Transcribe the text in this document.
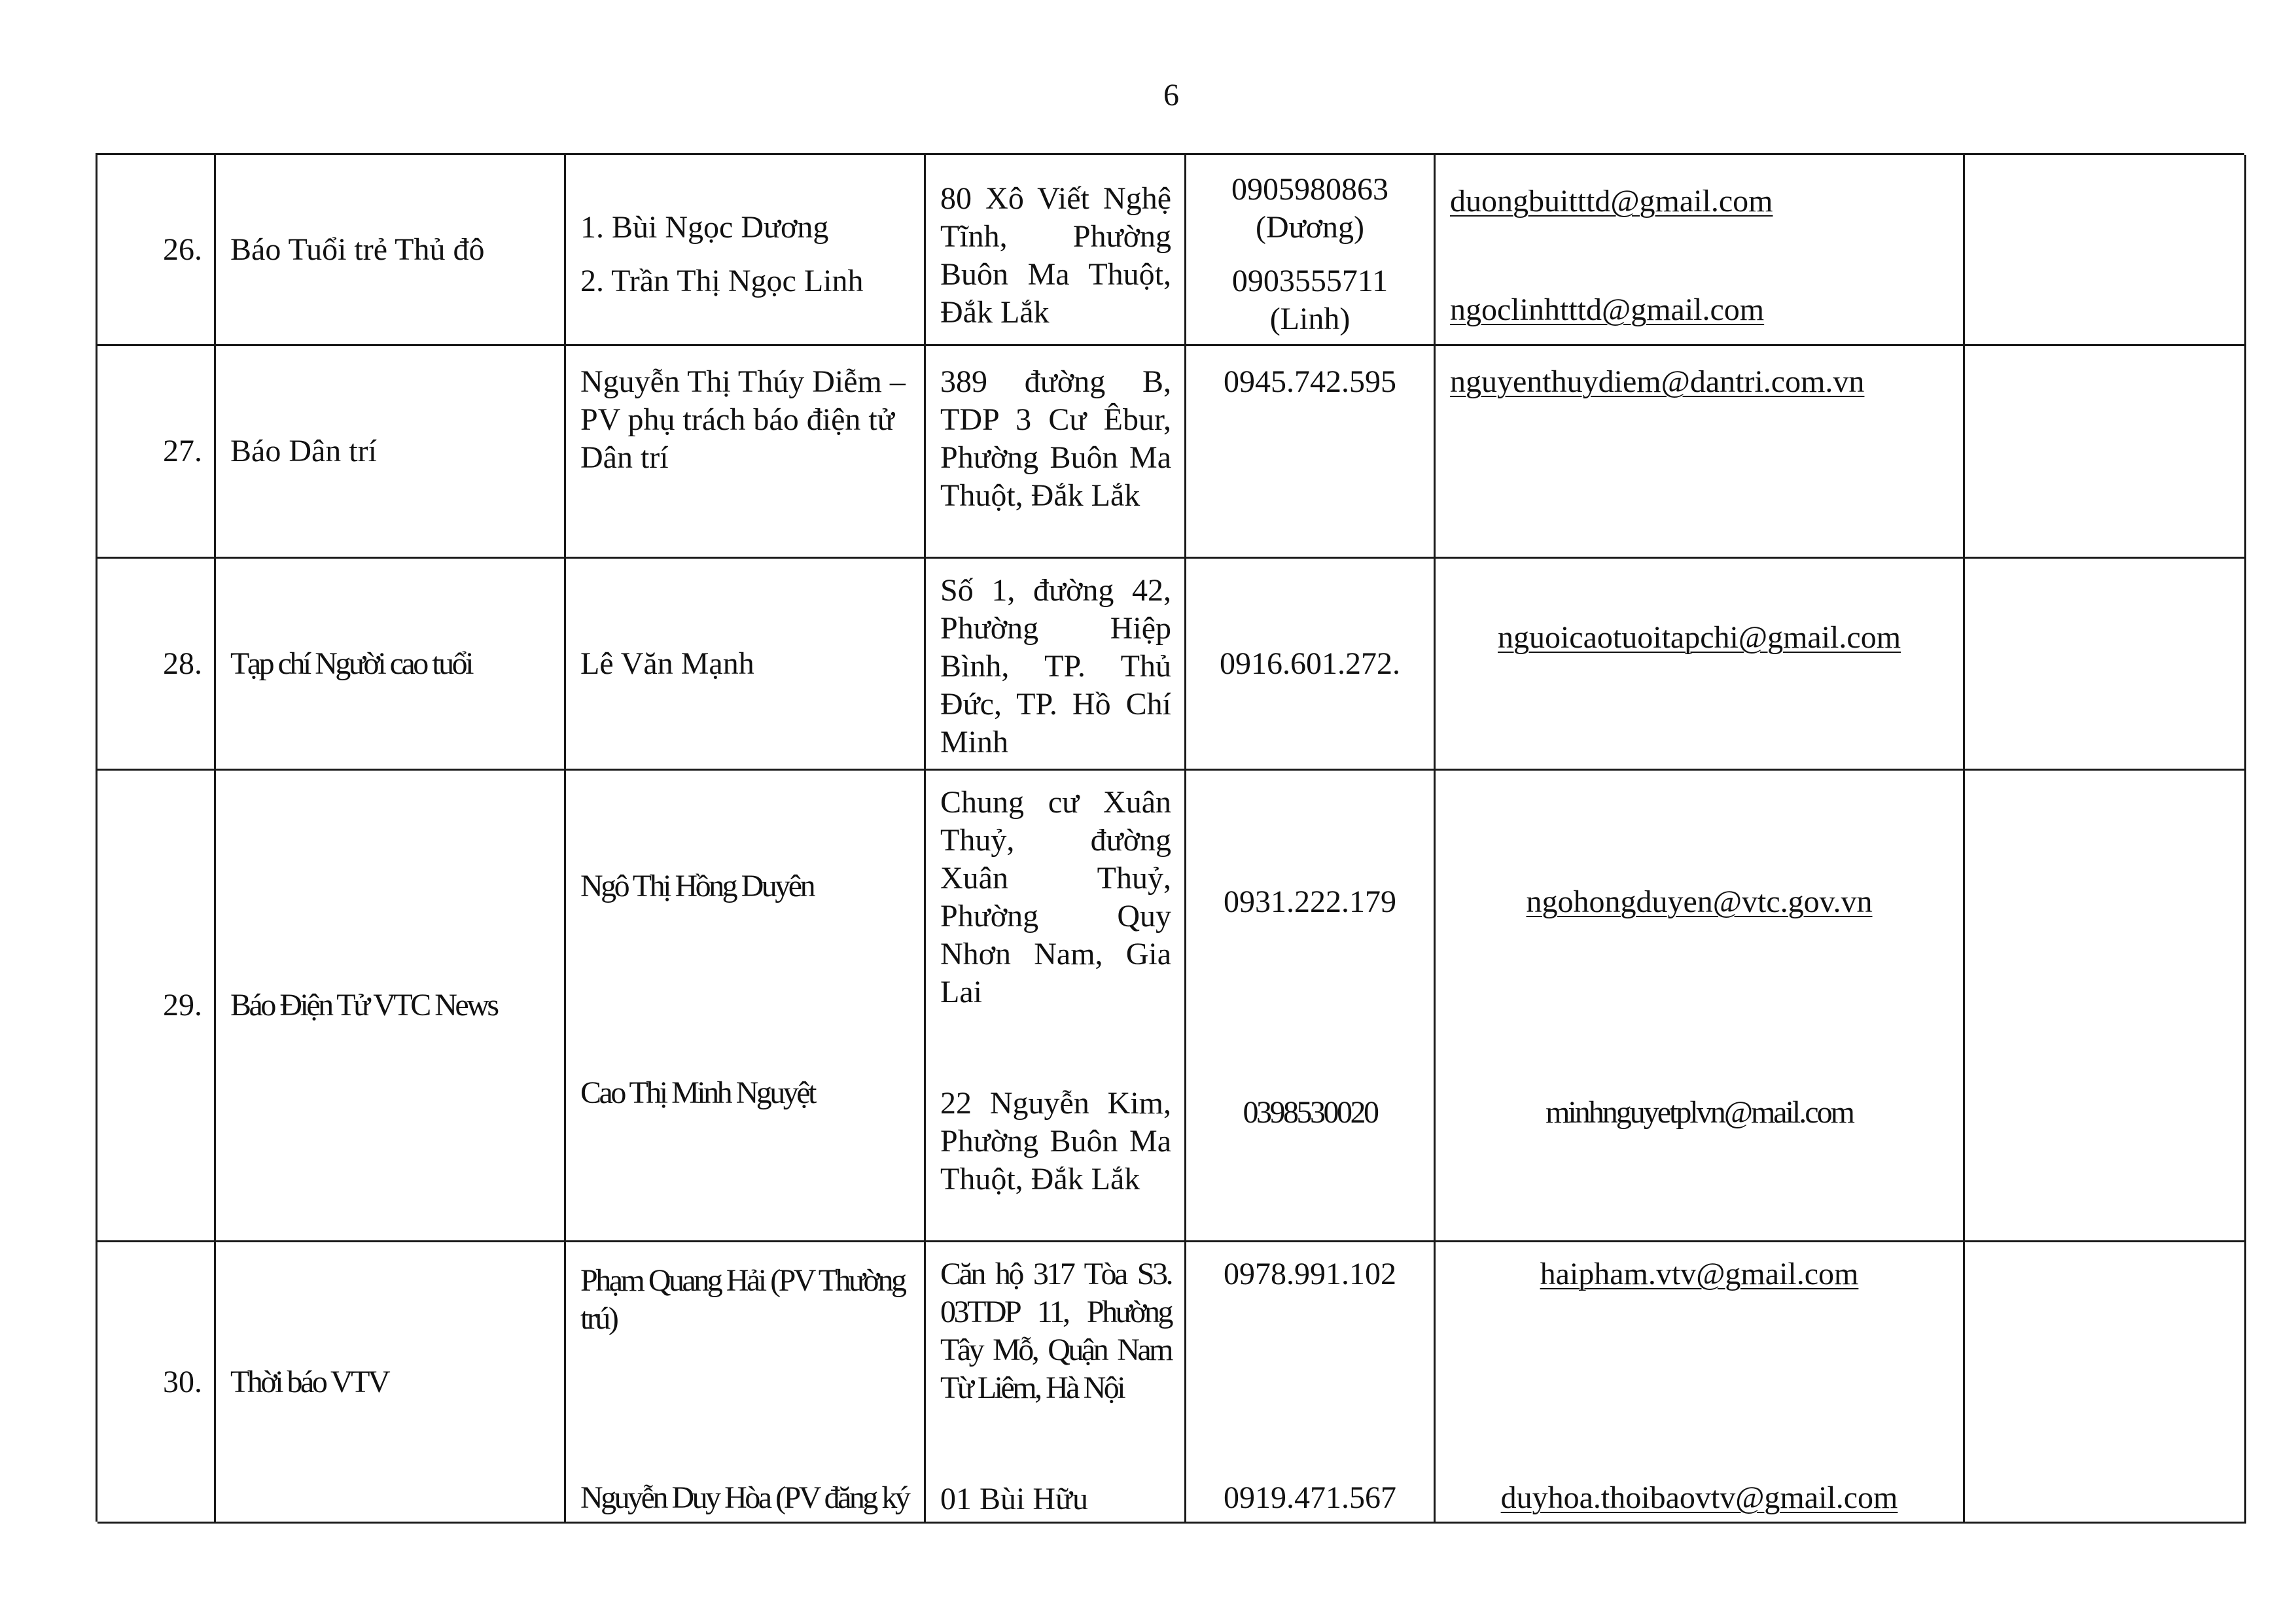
6
26. Báo Tuổi trẻ Thủ đô
1. Bùi Ngọc Dương
2. Trần Thị Ngọc Linh
80 Xô Viết Nghệ Tĩnh, Phường Buôn Ma Thuột, Đắk Lắk
0905980863
(Dương)
0903555711
(Linh)
duongbuitttd@gmail.com
ngoclinhtttd@gmail.com
27. Báo Dân trí
Nguyễn Thị Thúy Diễm – PV phụ trách báo điện tử Dân trí
389 đường B, TDP 3 Cư Êbur, Phường Buôn Ma Thuột, Đắk Lắk
0945.742.595	nguyenthuydiem@dantri.com.vn
28. Tạp chí Người cao tuổi	Lê Văn Mạnh
Số 1, đường 42, Phường Hiệp Bình, TP. Thủ Đức, TP. Hồ Chí Minh
0916.601.272.
nguoicaotuoitapchi@gmail.com
29. Báo Điện Tử VTC News
Ngô Thị Hồng Duyên
Cao Thị Minh Nguyệt
Chung cư Xuân Thuỷ, đường Xuân Thuỷ, Phường Quy Nhơn Nam, Gia Lai
22 Nguyễn Kim, Phường Buôn Ma Thuột, Đắk Lắk
0931.222.179
0398530020
ngohongduyen@vtc.gov.vn
minhnguyetplvn@mail.com
30. Thời báo VTV
Phạm Quang Hải (PV Thường trú)
Nguyễn Duy Hòa (PV đăng ký
Căn hộ 317 Tòa S3. 03TDP 11, Phường Tây Mỗ, Quận Nam Từ Liêm, Hà Nội
01 Bùi Hữu
0978.991.102
0919.471.567
haipham.vtv@gmail.com
duyhoa.thoibaovtv@gmail.com
